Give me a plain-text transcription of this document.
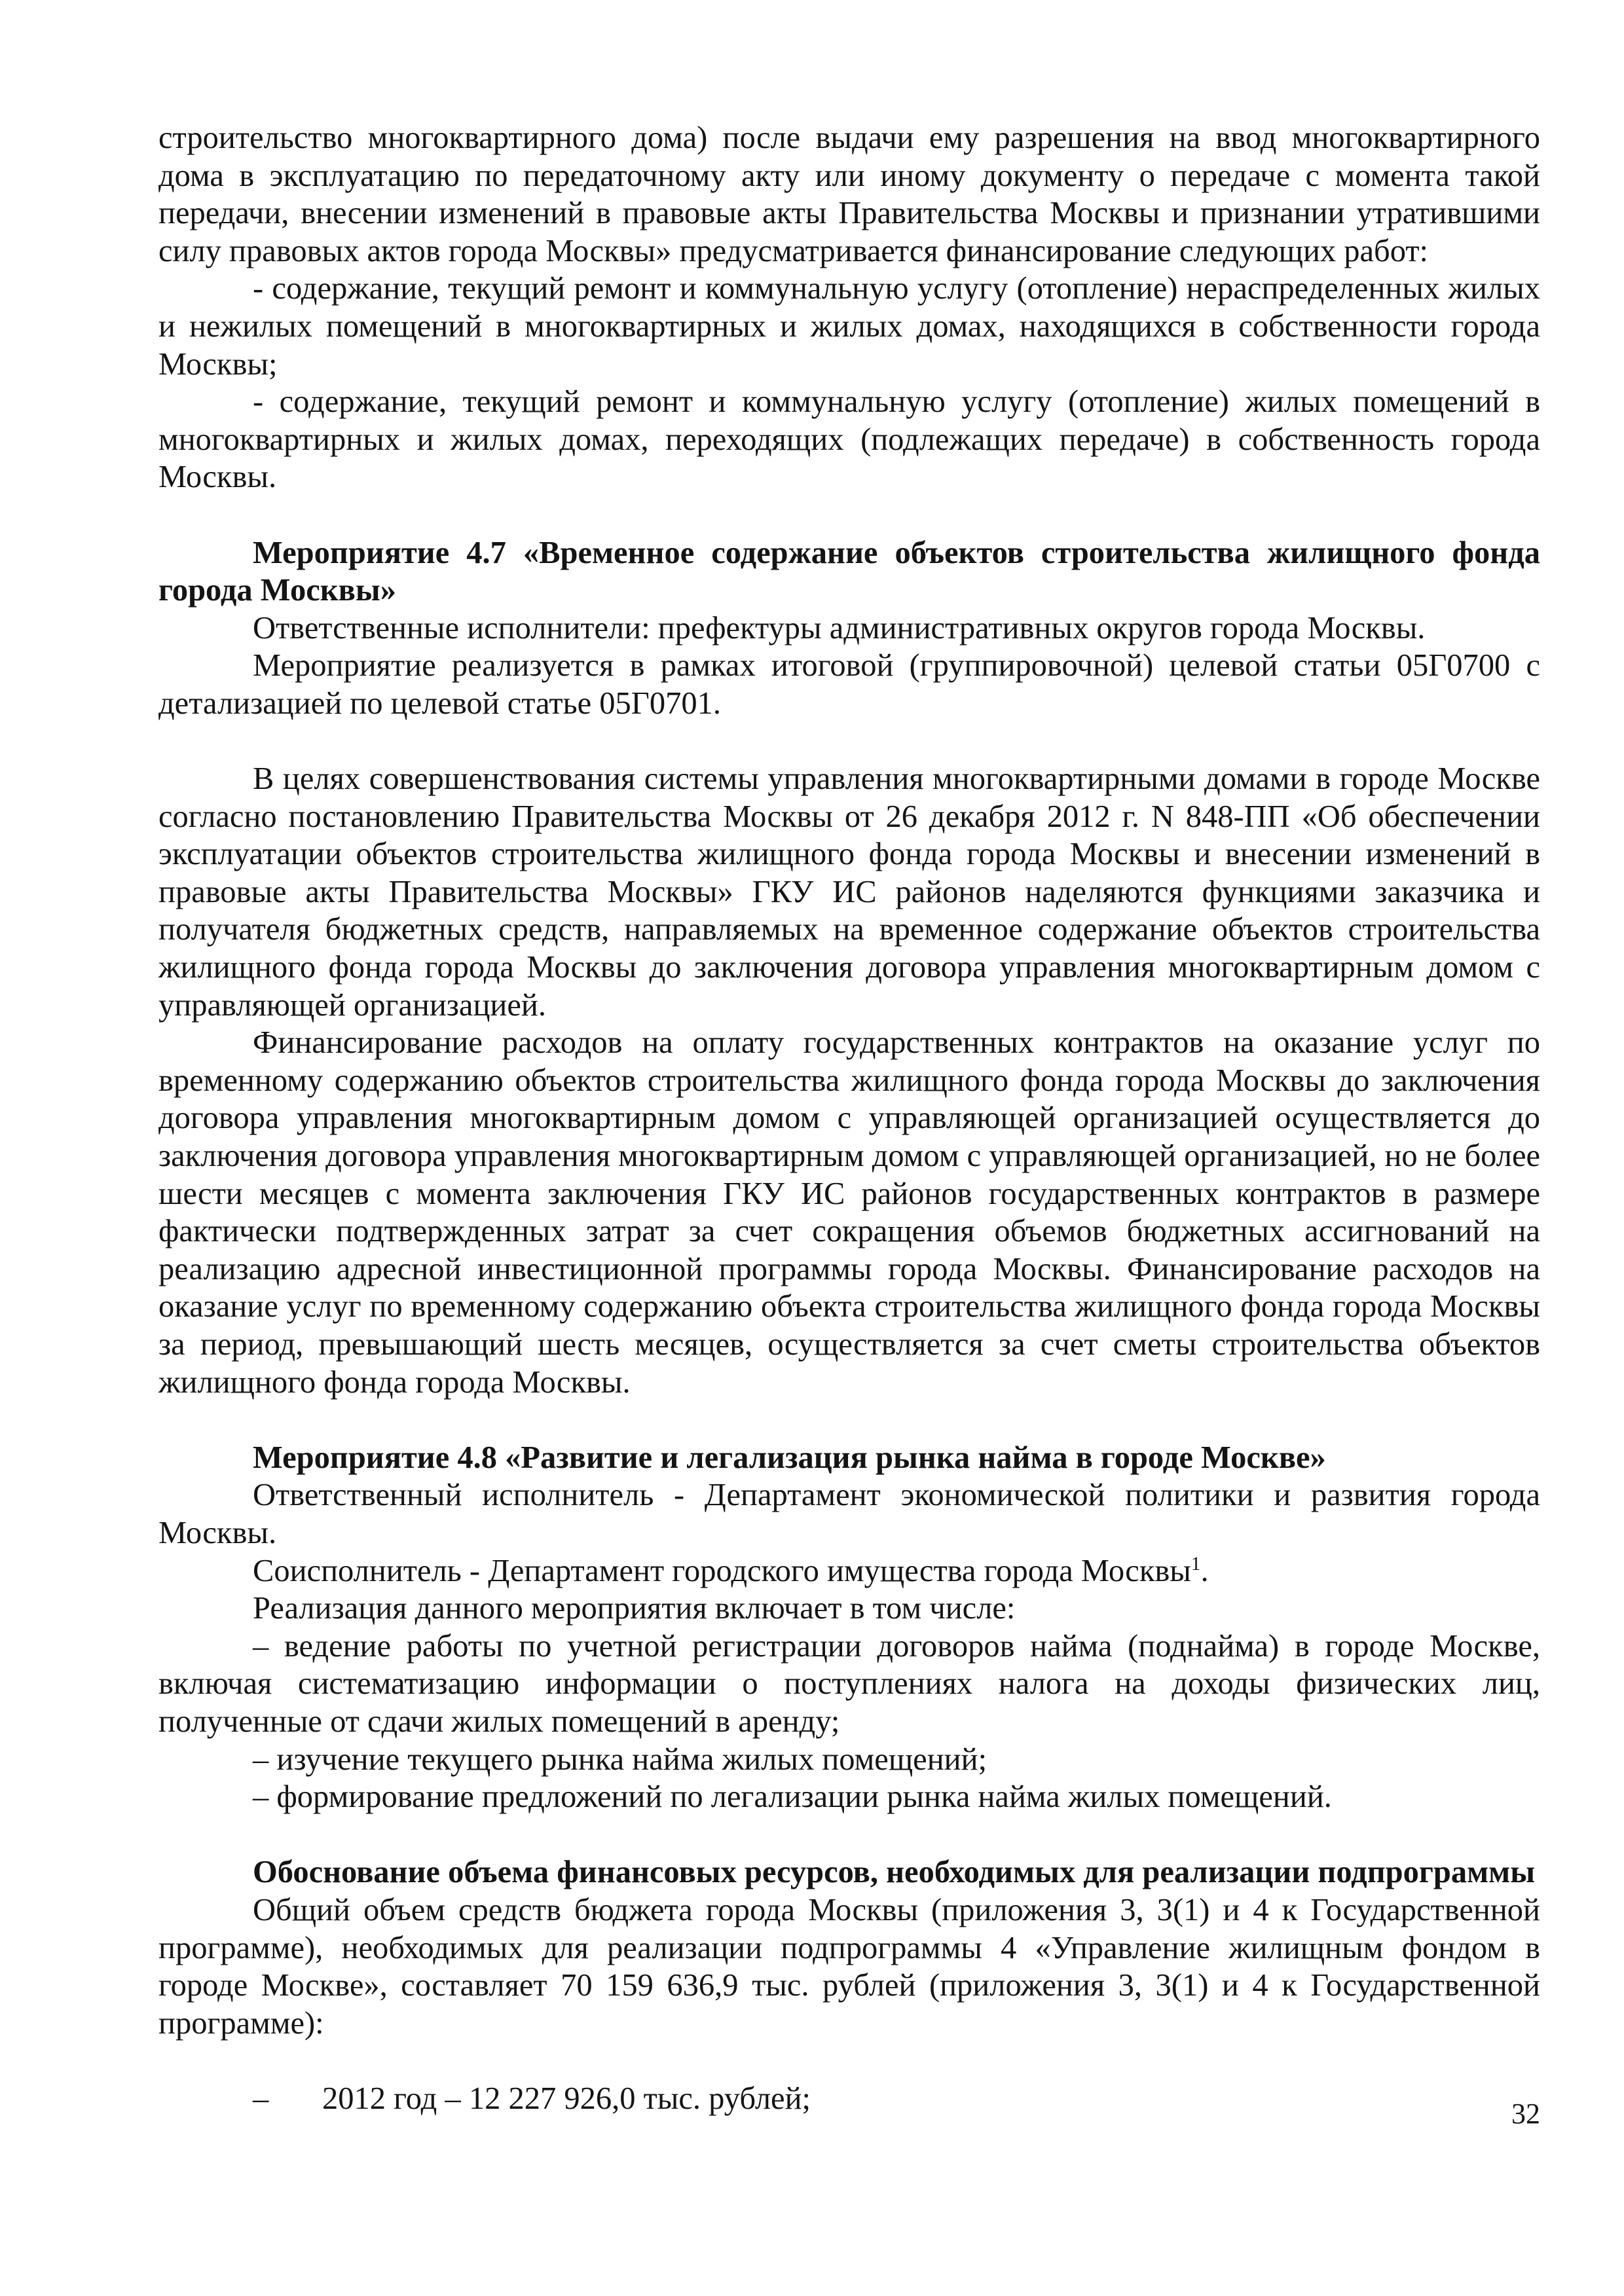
строительство многоквартирного дома) после выдачи ему разрешения на ввод многоквартирного дома в эксплуатацию по передаточному акту или иному документу о передаче с момента такой передачи, внесении изменений в правовые акты Правительства Москвы и признании утратившими силу правовых актов города Москвы» предусматривается финансирование следующих работ:

- содержание, текущий ремонт и коммунальную услугу (отопление) нераспределенных жилых и нежилых помещений в многоквартирных и жилых домах, находящихся в собственности города Москвы;

- содержание, текущий ремонт и коммунальную услугу (отопление) жилых помещений в многоквартирных и жилых домах, переходящих (подлежащих передаче) в собственность города Москвы.

Мероприятие 4.7 «Временное содержание объектов строительства жилищного фонда города Москвы»

Ответственные исполнители: префектуры административных округов города Москвы.

Мероприятие реализуется в рамках итоговой (группировочной) целевой статьи 05Г0700 с детализацией по целевой статье 05Г0701.

В целях совершенствования системы управления многоквартирными домами в городе Москве согласно постановлению Правительства Москвы от 26 декабря 2012 г. N 848-ПП «Об обеспечении эксплуатации объектов строительства жилищного фонда города Москвы и внесении изменений в правовые акты Правительства Москвы» ГКУ ИС районов наделяются функциями заказчика и получателя бюджетных средств, направляемых на временное содержание объектов строительства жилищного фонда города Москвы до заключения договора управления многоквартирным домом с управляющей организацией.

Финансирование расходов на оплату государственных контрактов на оказание услуг по временному содержанию объектов строительства жилищного фонда города Москвы до заключения договора управления многоквартирным домом с управляющей организацией осуществляется до заключения договора управления многоквартирным домом с управляющей организацией, но не более шести месяцев с момента заключения ГКУ ИС районов государственных контрактов в размере фактически подтвержденных затрат за счет сокращения объемов бюджетных ассигнований на реализацию адресной инвестиционной программы города Москвы. Финансирование расходов на оказание услуг по временному содержанию объекта строительства жилищного фонда города Москвы за период, превышающий шесть месяцев, осуществляется за счет сметы строительства объектов жилищного фонда города Москвы.

Мероприятие 4.8 «Развитие и легализация рынка найма в городе Москве»

Ответственный исполнитель - Департамент экономической политики и развития города Москвы.

Соисполнитель - Департамент городского имущества города Москвы$^1$.

Реализация данного мероприятия включает в том числе:

– ведение работы по учетной регистрации договоров найма (поднайма) в городе Москве, включая систематизацию информации о поступлениях налога на доходы физических лиц, полученные от сдачи жилых помещений в аренду;

– изучение текущего рынка найма жилых помещений;

– формирование предложений по легализации рынка найма жилых помещений.

Обоснование объема финансовых ресурсов, необходимых для реализации подпрограммы

Общий объем средств бюджета города Москвы (приложения 3, 3(1) и 4 к Государственной программе), необходимых для реализации подпрограммы 4 «Управление жилищным фондом в городе Москве», составляет 70 159 636,9 тыс. рублей (приложения 3, 3(1) и 4 к Государственной программе):

– 2012 год – 12 227 926,0 тыс. рублей;	32
